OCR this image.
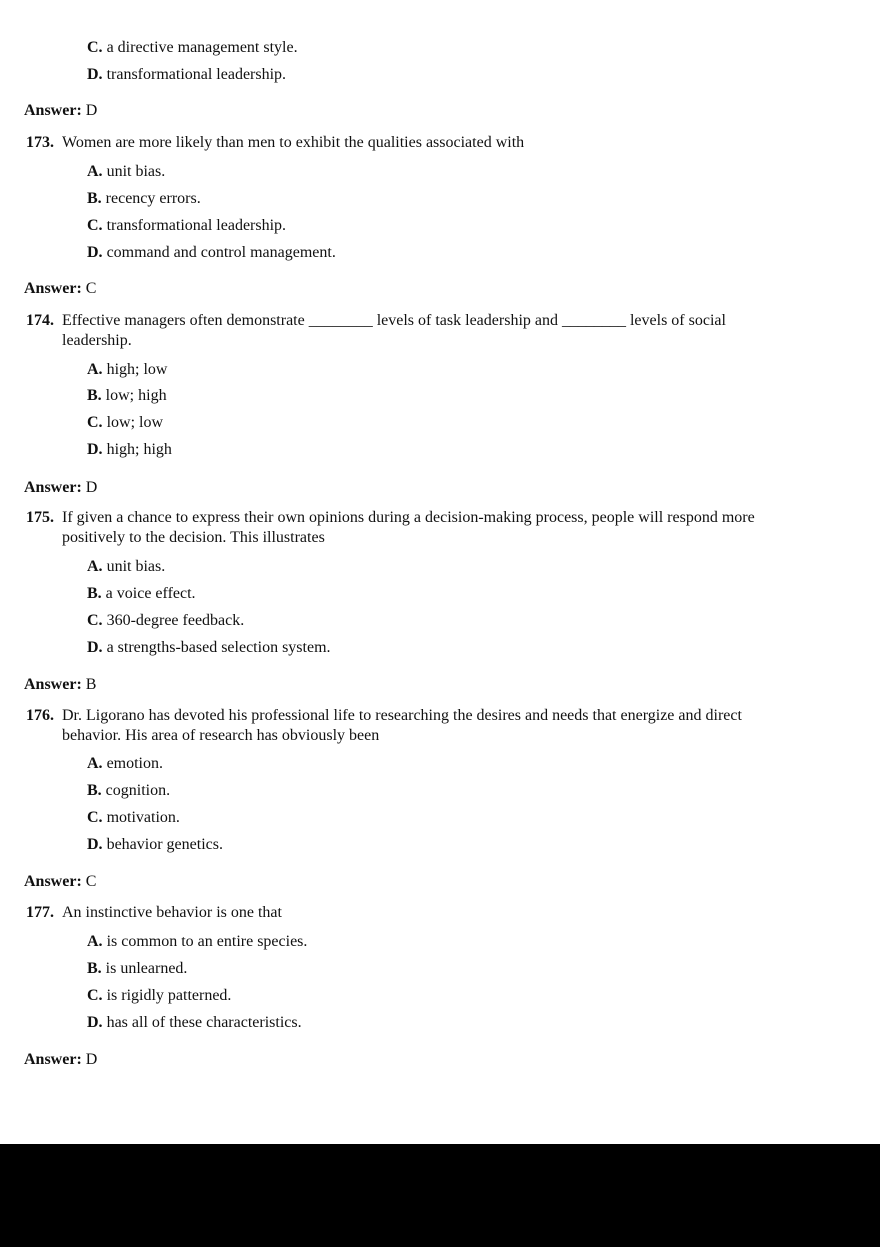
C. a directive management style.
D. transformational leadership.
Answer: D
173. Women are more likely than men to exhibit the qualities associated with
A. unit bias.
B. recency errors.
C. transformational leadership.
D. command and control management.
Answer: C
174. Effective managers often demonstrate ________ levels of task leadership and ________ levels of social
leadership.
A. high; low
B. low; high
C. low; low
D. high; high
Answer: D
175. If given a chance to express their own opinions during a decision-making process, people will respond more
positively to the decision. This illustrates
A. unit bias.
B. a voice effect.
C. 360-degree feedback.
D. a strengths-based selection system.
Answer: B
176. Dr. Ligorano has devoted his professional life to researching the desires and needs that energize and direct
behavior. His area of research has obviously been
A. emotion.
B. cognition.
C. motivation.
D. behavior genetics.
Answer: C
177. An instinctive behavior is one that
A. is common to an entire species.
B. is unlearned.
C. is rigidly patterned.
D. has all of these characteristics.
Answer: D
